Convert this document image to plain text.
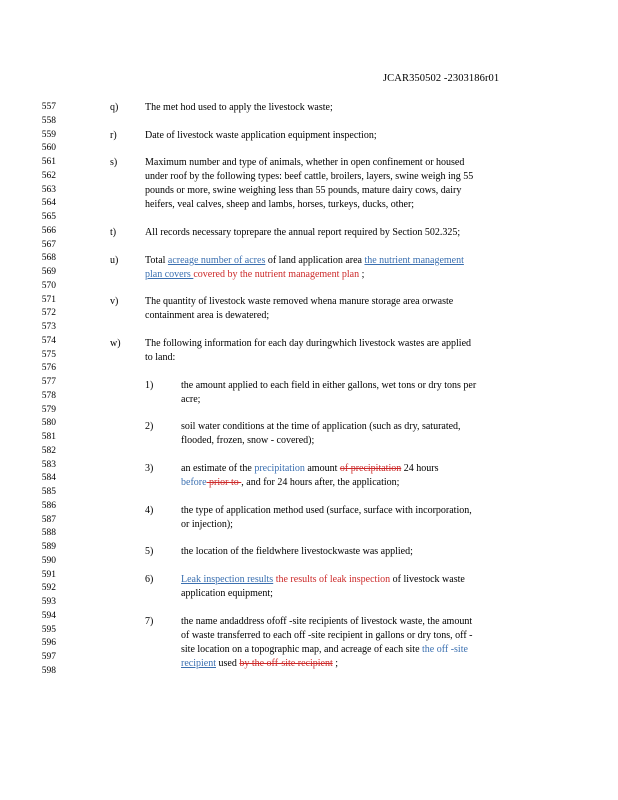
JCAR350502 -2303186r01
557
558
559
560
561
562
563
564
565
566
567
568
569
570
571
572
573
574
575
576
577
578
579
580
581
582
583
584
585
586
587
588
589
590
591
592
593
594
595
596
597
598
q)	The met hod used to apply the livestock waste;
r)	Date of livestock waste application equipment inspection;
s)	Maximum number and type of animals, whether in open confinement or housed
under roof by the following types: beef cattle, broilers, layers, swine weigh ing 55
pounds or more, swine weighing less than 55 pounds, mature dairy cows, dairy
heifers, veal calves, sheep and lambs, horses, turkeys, ducks, other;
t)	All records necessary toprepare the annual report required by Section 502.325;
u)	Total acreage number of acres of land application area the nutrient management
plan covers covered by the nutrient management plan ;
v)	The quantity of livestock waste removed whena manure storage area orwaste
containment area is dewatered;
w) The following information for each day duringwhich livestock wastes are applied
to land:
1)	the amount applied to each field in either gallons, wet tons or dry tons per
acre;
2)	soil water conditions at the time of application (such as dry, saturated,
flooded, frozen, snow - covered);
3)	an estimate of the precipitation amount of precipitation 24 hours
before prior to , and for 24 hours after, the application;
4)	the type of application method used (surface, surface with incorporation,
or injection);
5)	the location of the fieldwhere livestockwaste was applied;
6)	Leak inspection results the results of leak inspection of livestock waste
application equipment;
7)	the name andaddress ofoff -site recipients of livestock waste, the amount
of waste transferred to each off -site recipient in gallons or dry tons, off -
site location on a topographic map, and acreage of each site the off -site
recipient used by the off-site recipient ;
